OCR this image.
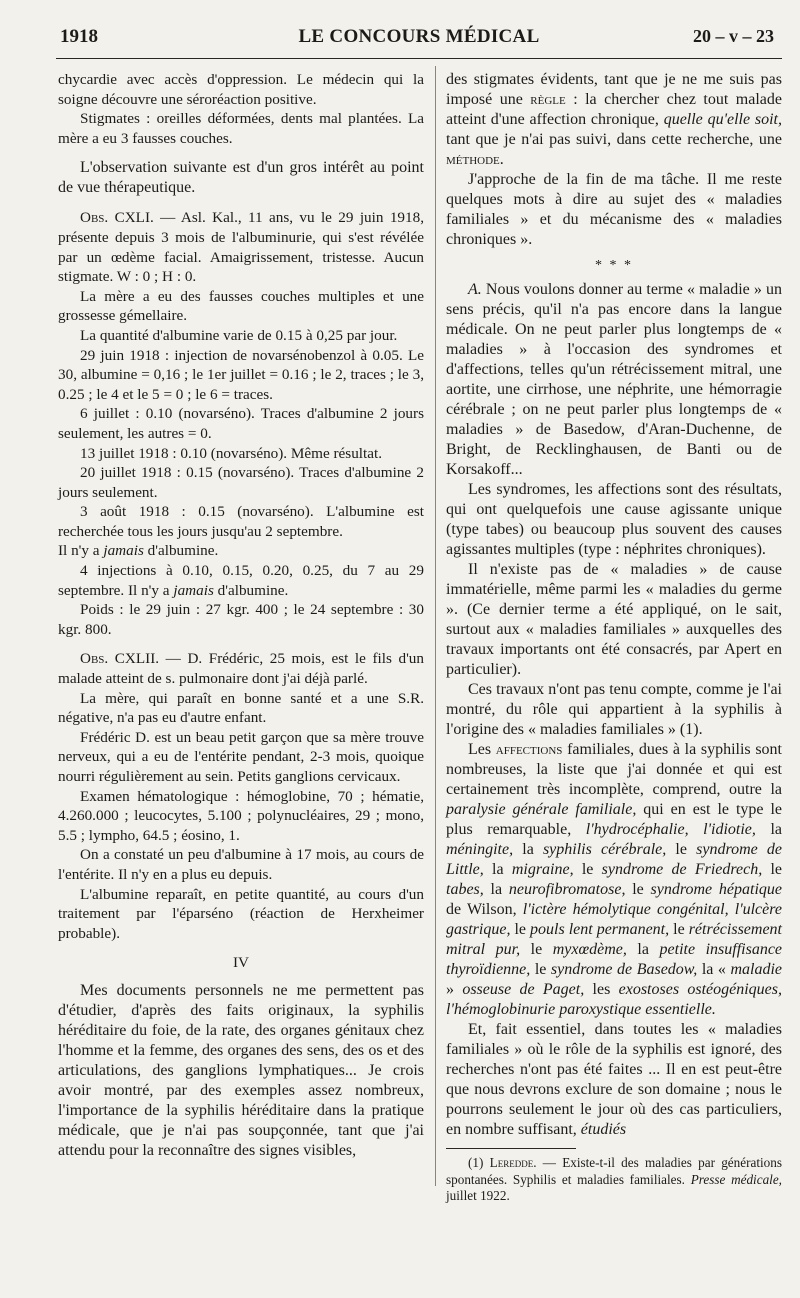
1918	LE CONCOURS MÉDICAL	20 – v – 23

chycardie avec accès d'oppression. Le médecin qui la soigne découvre une séroréaction positive.

Stigmates : oreilles déformées, dents mal plantées. La mère a eu 3 fausses couches.

L'observation suivante est d'un gros intérêt au point de vue thérapeutique.

Obs. CXLI. — Asl. Kal., 11 ans, vu le 29 juin 1918, présente depuis 3 mois de l'albuminurie, qui s'est révélée par un œdème facial. Amaigrissement, tristesse. Aucun stigmate. W : 0 ; H : 0.

La mère a eu des fausses couches multiples et une grossesse gémellaire.

La quantité d'albumine varie de 0.15 à 0,25 par jour.

29 juin 1918 : injection de novarsénobenzol à 0.05. Le 30, albumine = 0,16 ; le 1er juillet = 0.16 ; le 2, traces ; le 3, 0.25 ; le 4 et le 5 = 0 ; le 6 = traces.

6 juillet : 0.10 (novarséno). Traces d'albumine 2 jours seulement, les autres = 0.

13 juillet 1918 : 0.10 (novarséno). Même résultat.

20 juillet 1918 : 0.15 (novarséno). Traces d'albumine 2 jours seulement.

3 août 1918 : 0.15 (novarséno). L'albumine est recherchée tous les jours jusqu'au 2 septembre.

Il n'y a jamais d'albumine.

4 injections à 0.10, 0.15, 0.20, 0.25, du 7 au 29 septembre. Il n'y a jamais d'albumine.

Poids : le 29 juin : 27 kgr. 400 ; le 24 septembre : 30 kgr. 800.

Obs. CXLII. — D. Frédéric, 25 mois, est le fils d'un malade atteint de s. pulmonaire dont j'ai déjà parlé.

La mère, qui paraît en bonne santé et a une S.R. négative, n'a pas eu d'autre enfant.

Frédéric D. est un beau petit garçon que sa mère trouve nerveux, qui a eu de l'entérite pendant, 2-3 mois, quoique nourri régulièrement au sein. Petits ganglions cervicaux.

Examen hématologique : hémoglobine, 70 ; hématie, 4.260.000 ; leucocytes, 5.100 ; polynucléaires, 29 ; mono, 5.5 ; lympho, 64.5 ; éosino, 1.

On a constaté un peu d'albumine à 17 mois, au cours de l'entérite. Il n'y en a plus eu depuis.

L'albumine reparaît, en petite quantité, au cours d'un traitement par l'éparséno (réaction de Herxheimer probable).

IV

Mes documents personnels ne me permettent pas d'étudier, d'après des faits originaux, la syphilis héréditaire du foie, de la rate, des organes génitaux chez l'homme et la femme, des organes des sens, des os et des articulations, des ganglions lymphatiques... Je crois avoir montré, par des exemples assez nombreux, l'importance de la syphilis héréditaire dans la pratique médicale, que je n'ai pas soupçonnée, tant que j'ai attendu pour la reconnaître des signes visibles,

des stigmates évidents, tant que je ne me suis pas imposé une règle : la chercher chez tout malade atteint d'une affection chronique, quelle qu'elle soit, tant que je n'ai pas suivi, dans cette recherche, une méthode.

J'approche de la fin de ma tâche. Il me reste quelques mots à dire au sujet des « maladies familiales » et du mécanisme des « maladies chroniques ».

* * *

A. Nous voulons donner au terme « maladie » un sens précis, qu'il n'a pas encore dans la langue médicale. On ne peut parler plus longtemps de « maladies » à l'occasion des syndromes et d'affections, telles qu'un rétrécissement mitral, une aortite, une cirrhose, une néphrite, une hémorragie cérébrale ; on ne peut parler plus longtemps de « maladies » de Basedow, d'Aran-Duchenne, de Bright, de Recklinghausen, de Banti ou de Korsakoff...

Les syndromes, les affections sont des résultats, qui ont quelquefois une cause agissante unique (type tabes) ou beaucoup plus souvent des causes agissantes multiples (type : néphrites chroniques).

Il n'existe pas de « maladies » de cause immatérielle, même parmi les « maladies du germe ». (Ce dernier terme a été appliqué, on le sait, surtout aux « maladies familiales » auxquelles des travaux importants ont été consacrés, par Apert en particulier).

Ces travaux n'ont pas tenu compte, comme je l'ai montré, du rôle qui appartient à la syphilis à l'origine des « maladies familiales » (1).

Les affections familiales, dues à la syphilis sont nombreuses, la liste que j'ai donnée et qui est certainement très incomplète, comprend, outre la paralysie générale familiale, qui en est le type le plus remarquable, l'hydrocéphalie, l'idiotie, la méningite, la syphilis cérébrale, le syndrome de Little, la migraine, le syndrome de Friedrech, le tabes, la neurofibromatose, le syndrome hépatique de Wilson, l'ictère hémolytique congénital, l'ulcère gastrique, le pouls lent permanent, le rétrécissement mitral pur, le myxœdème, la petite insuffisance thyroïdienne, le syndrome de Basedow, la « maladie » osseuse de Paget, les exostoses ostéogéniques, l'hémoglobinurie paroxystique essentielle.

Et, fait essentiel, dans toutes les « maladies familiales » où le rôle de la syphilis est ignoré, des recherches n'ont pas été faites ... Il en est peut-être que nous devrons exclure de son domaine ; nous le pourrons seulement le jour où des cas particuliers, en nombre suffisant, étudiés

(1) Leredde. — Existe-t-il des maladies par générations spontanées. Syphilis et maladies familiales. Presse médicale, juillet 1922.
